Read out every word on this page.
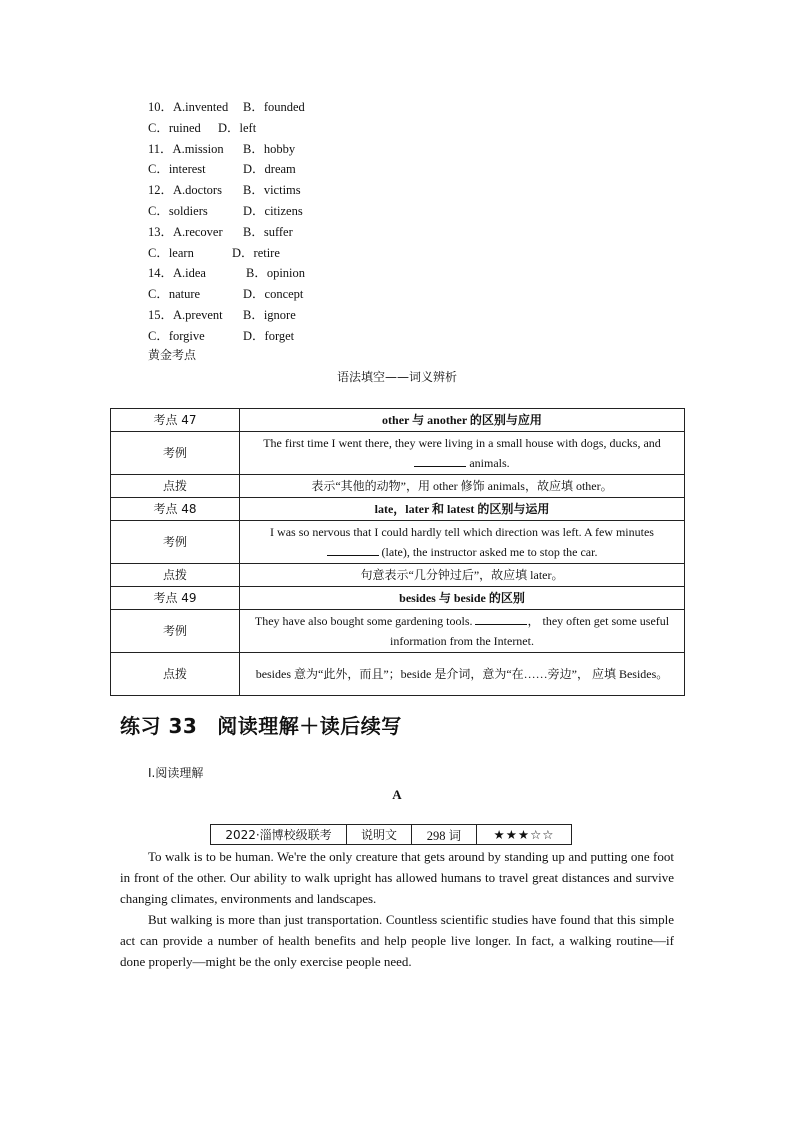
10．A.invented B．founded
C．ruined D．left
11．A.mission B．hobby
C．interest	D．dream
12．A.doctors B．victims
C．soldiers	D．citizens
13．A.recover B．suffer
C．learn	D．retire
14．A.idea	B．opinion
C．nature	D．concept
15．A.prevent B．ignore
C．forgive	D．forget
黄金考点
语法填空——词义辨析
考点 47	other 与 another 的区别与应用
考例	The first time I went there, they were living in a small house with dogs, ducks, and  animals.
点拨	表示“其他的动物”，用 other 修饰 animals，故应填 other。
考点 48	late，later 和 latest 的区别与运用
考例	I was so nervous that I could hardly tell which direction was left. A few minutes  (late), the instructor asked me to stop the car.
点拨	句意表示“几分钟过后”，故应填 later。
考点 49	besides 与 beside 的区别
考例	They have also bought some gardening tools. ， they often get some useful information from the Internet.
点拨	besides 意为“此外，而且”；beside 是介词，意为“在……旁边”， 应填 Besides。
练习 33 阅读理解＋读后续写
Ⅰ.阅读理解
A
2022·淄博校级联考	说明文	298 词	★★★☆☆

To walk is to be human. We're the only creature that gets around by standing up and putting one foot in front of the other. Our ability to walk upright has allowed humans to travel great distances and survive changing climates, environments and landscapes.

But walking is more than just transportation. Countless scientific studies have found that this simple act can provide a number of health benefits and help people live longer. In fact, a walking routine—if done properly—might be the only exercise people need.
